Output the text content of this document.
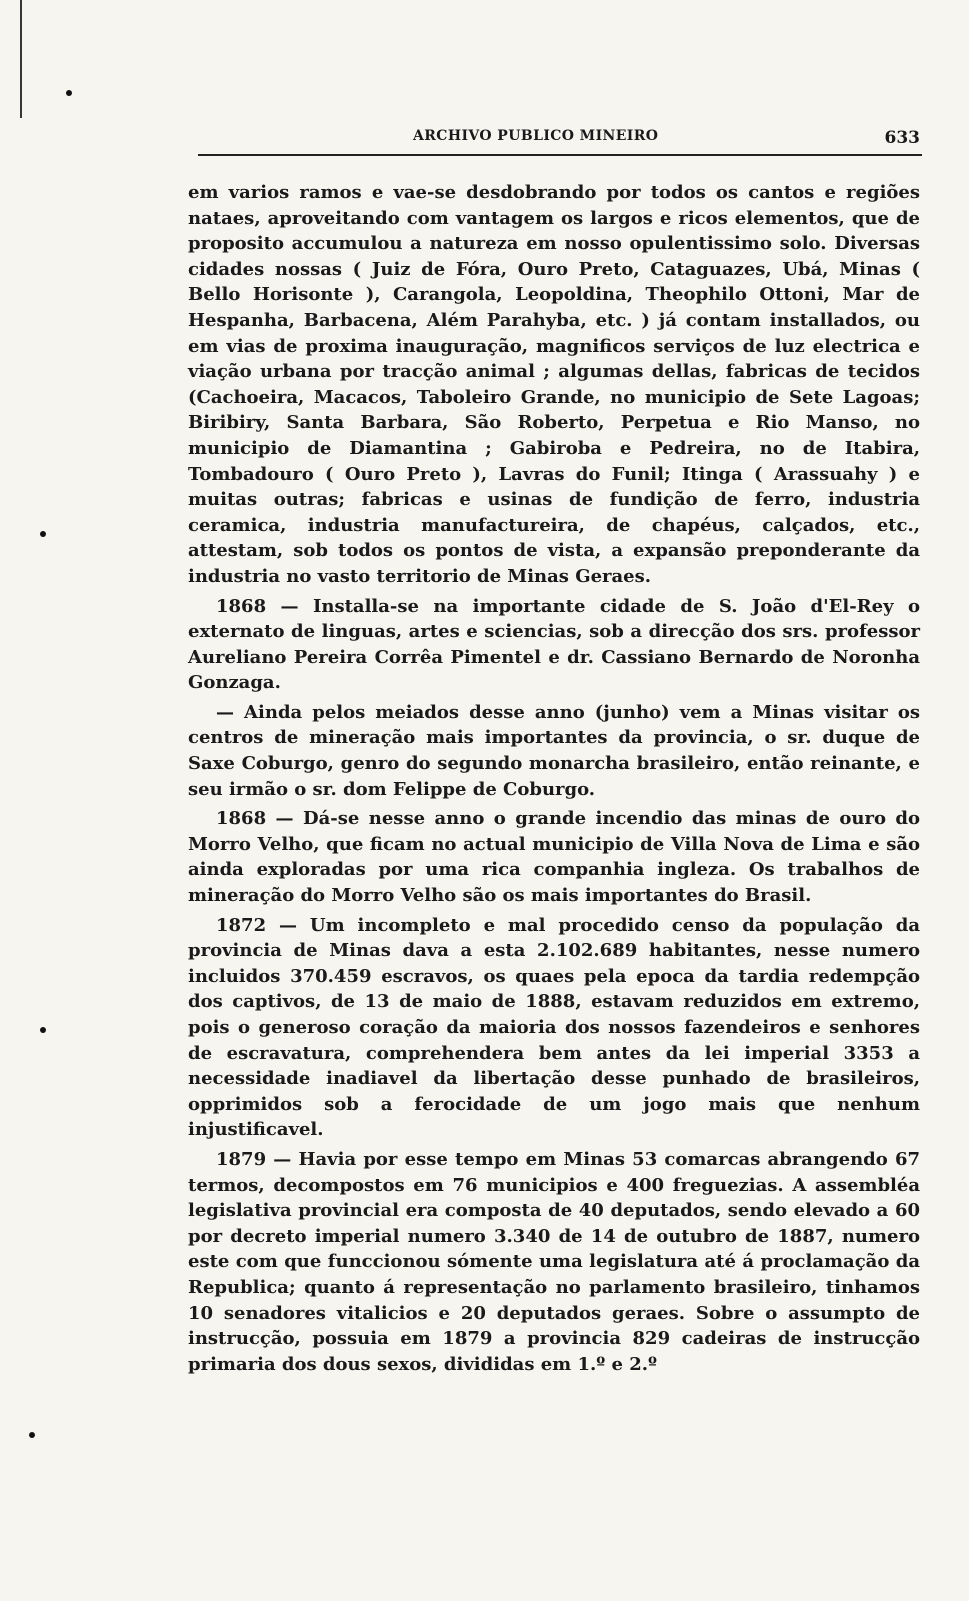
ARCHIVO PUBLICO MINEIRO	633

em varios ramos e vae-se desdobrando por todos os cantos e regiões nataes, aproveitando com vantagem os largos e ricos elementos, que de proposito accumulou a natureza em nosso opulentissimo solo. Diversas cidades nossas ( Juiz de Fóra, Ouro Preto, Cataguazes, Ubá, Minas ( Bello Horisonte ), Carangola, Leopoldina, Theophilo Ottoni, Mar de Hespanha, Barbacena, Além Parahyba, etc. ) já contam installados, ou em vias de proxima inauguração, magnificos serviços de luz electrica e viação urbana por tracção animal ; algumas dellas, fabricas de tecidos (Cachoeira, Macacos, Taboleiro Grande, no municipio de Sete Lagoas; Biribiry, Santa Barbara, São Roberto, Perpetua e Rio Manso, no municipio de Diamantina ; Gabiroba e Pedreira, no de Itabira, Tombadouro ( Ouro Preto ), Lavras do Funil; Itinga ( Arassuahy ) e muitas outras; fabricas e usinas de fundição de ferro, industria ceramica, industria manufactureira, de chapéus, calçados, etc., attestam, sob todos os pontos de vista, a expansão preponderante da industria no vasto territorio de Minas Geraes.

1868 — Installa-se na importante cidade de S. João d'El-Rey o externato de linguas, artes e sciencias, sob a direcção dos srs. professor Aureliano Pereira Corrêa Pimentel e dr. Cassiano Bernardo de Noronha Gonzaga.

— Ainda pelos meiados desse anno (junho) vem a Minas visitar os centros de mineração mais importantes da provincia, o sr. duque de Saxe Coburgo, genro do segundo monarcha brasileiro, então reinante, e seu irmão o sr. dom Felippe de Coburgo.

1868 — Dá-se nesse anno o grande incendio das minas de ouro do Morro Velho, que ficam no actual municipio de Villa Nova de Lima e são ainda exploradas por uma rica companhia ingleza. Os trabalhos de mineração do Morro Velho são os mais importantes do Brasil.

1872 — Um incompleto e mal procedido censo da população da provincia de Minas dava a esta 2.102.689 habitantes, nesse numero incluidos 370.459 escravos, os quaes pela epoca da tardia redempção dos captivos, de 13 de maio de 1888, estavam reduzidos em extremo, pois o generoso coração da maioria dos nossos fazendeiros e senhores de escravatura, comprehendera bem antes da lei imperial 3353 a necessidade inadiavel da libertação desse punhado de brasileiros, opprimidos sob a ferocidade de um jogo mais que nenhum injustificavel.

1879 — Havia por esse tempo em Minas 53 comarcas abrangendo 67 termos, decompostos em 76 municipios e 400 freguezias. A assembléa legislativa provincial era composta de 40 deputados, sendo elevado a 60 por decreto imperial numero 3.340 de 14 de outubro de 1887, numero este com que funccionou sómente uma legislatura até á proclamação da Republica; quanto á representação no parlamento brasileiro, tinhamos 10 senadores vitalicios e 20 deputados geraes. Sobre o assumpto de instrucção, possuia em 1879 a provincia 829 cadeiras de instrucção primaria dos dous sexos, divididas em 1.º e 2.º
